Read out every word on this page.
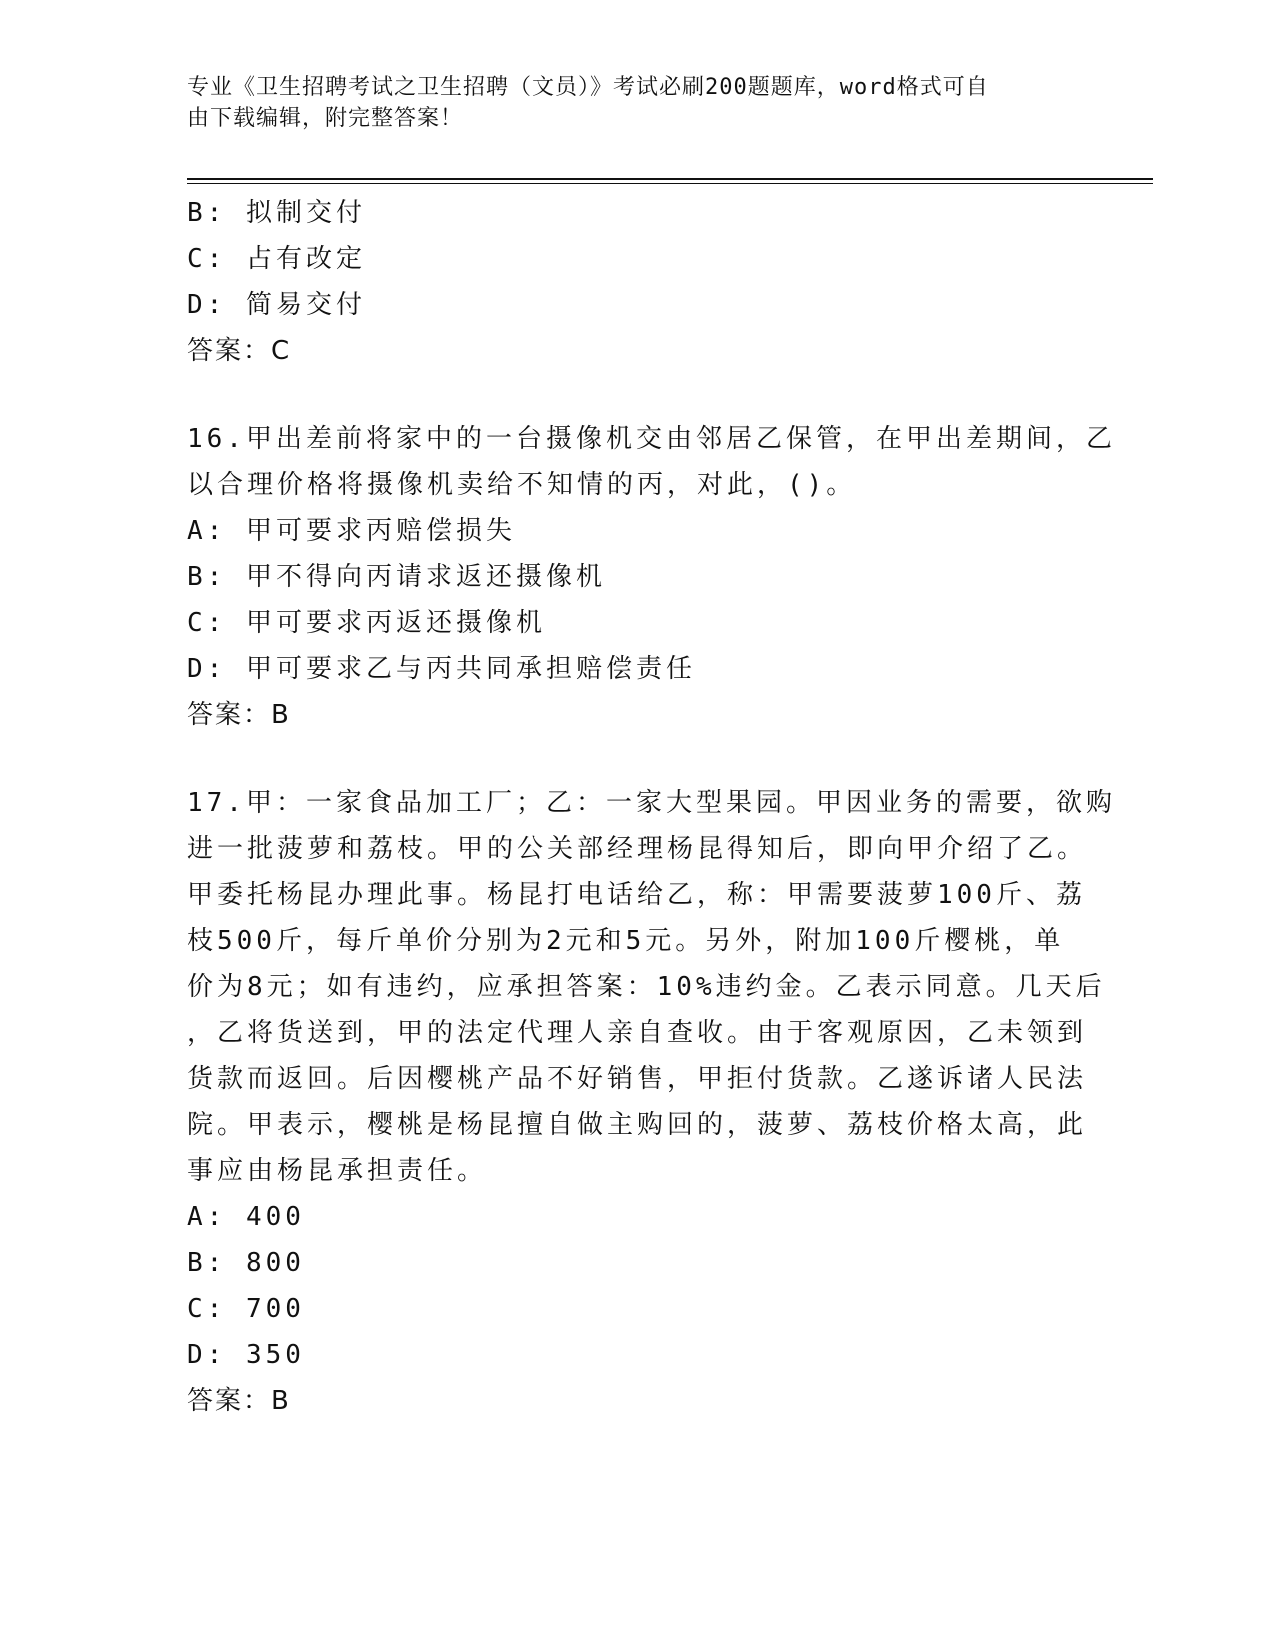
专业《卫生招聘考试之卫生招聘（文员）》考试必刷200题题库，word格式可自
由下载编辑，附完整答案！
B: 拟制交付
C: 占有改定
D: 简易交付
答案：C
16.甲出差前将家中的一台摄像机交由邻居乙保管，在甲出差期间，乙
以合理价格将摄像机卖给不知情的丙，对此，()。
A: 甲可要求丙赔偿损失
B: 甲不得向丙请求返还摄像机
C: 甲可要求丙返还摄像机
D: 甲可要求乙与丙共同承担赔偿责任
答案：B
17.甲：一家食品加工厂；乙：一家大型果园。甲因业务的需要，欲购
进一批菠萝和荔枝。甲的公关部经理杨昆得知后，即向甲介绍了乙。
甲委托杨昆办理此事。杨昆打电话给乙，称：甲需要菠萝100斤、荔
枝500斤，每斤单价分别为2元和5元。另外，附加100斤樱桃，单
价为8元；如有违约，应承担答案：10%违约金。乙表示同意。几天后
，乙将货送到，甲的法定代理人亲自查收。由于客观原因，乙未领到
货款而返回。后因樱桃产品不好销售，甲拒付货款。乙遂诉诸人民法
院。甲表示，樱桃是杨昆擅自做主购回的，菠萝、荔枝价格太高，此
事应由杨昆承担责任。
A: 400
B: 800
C: 700
D: 350
答案：B
